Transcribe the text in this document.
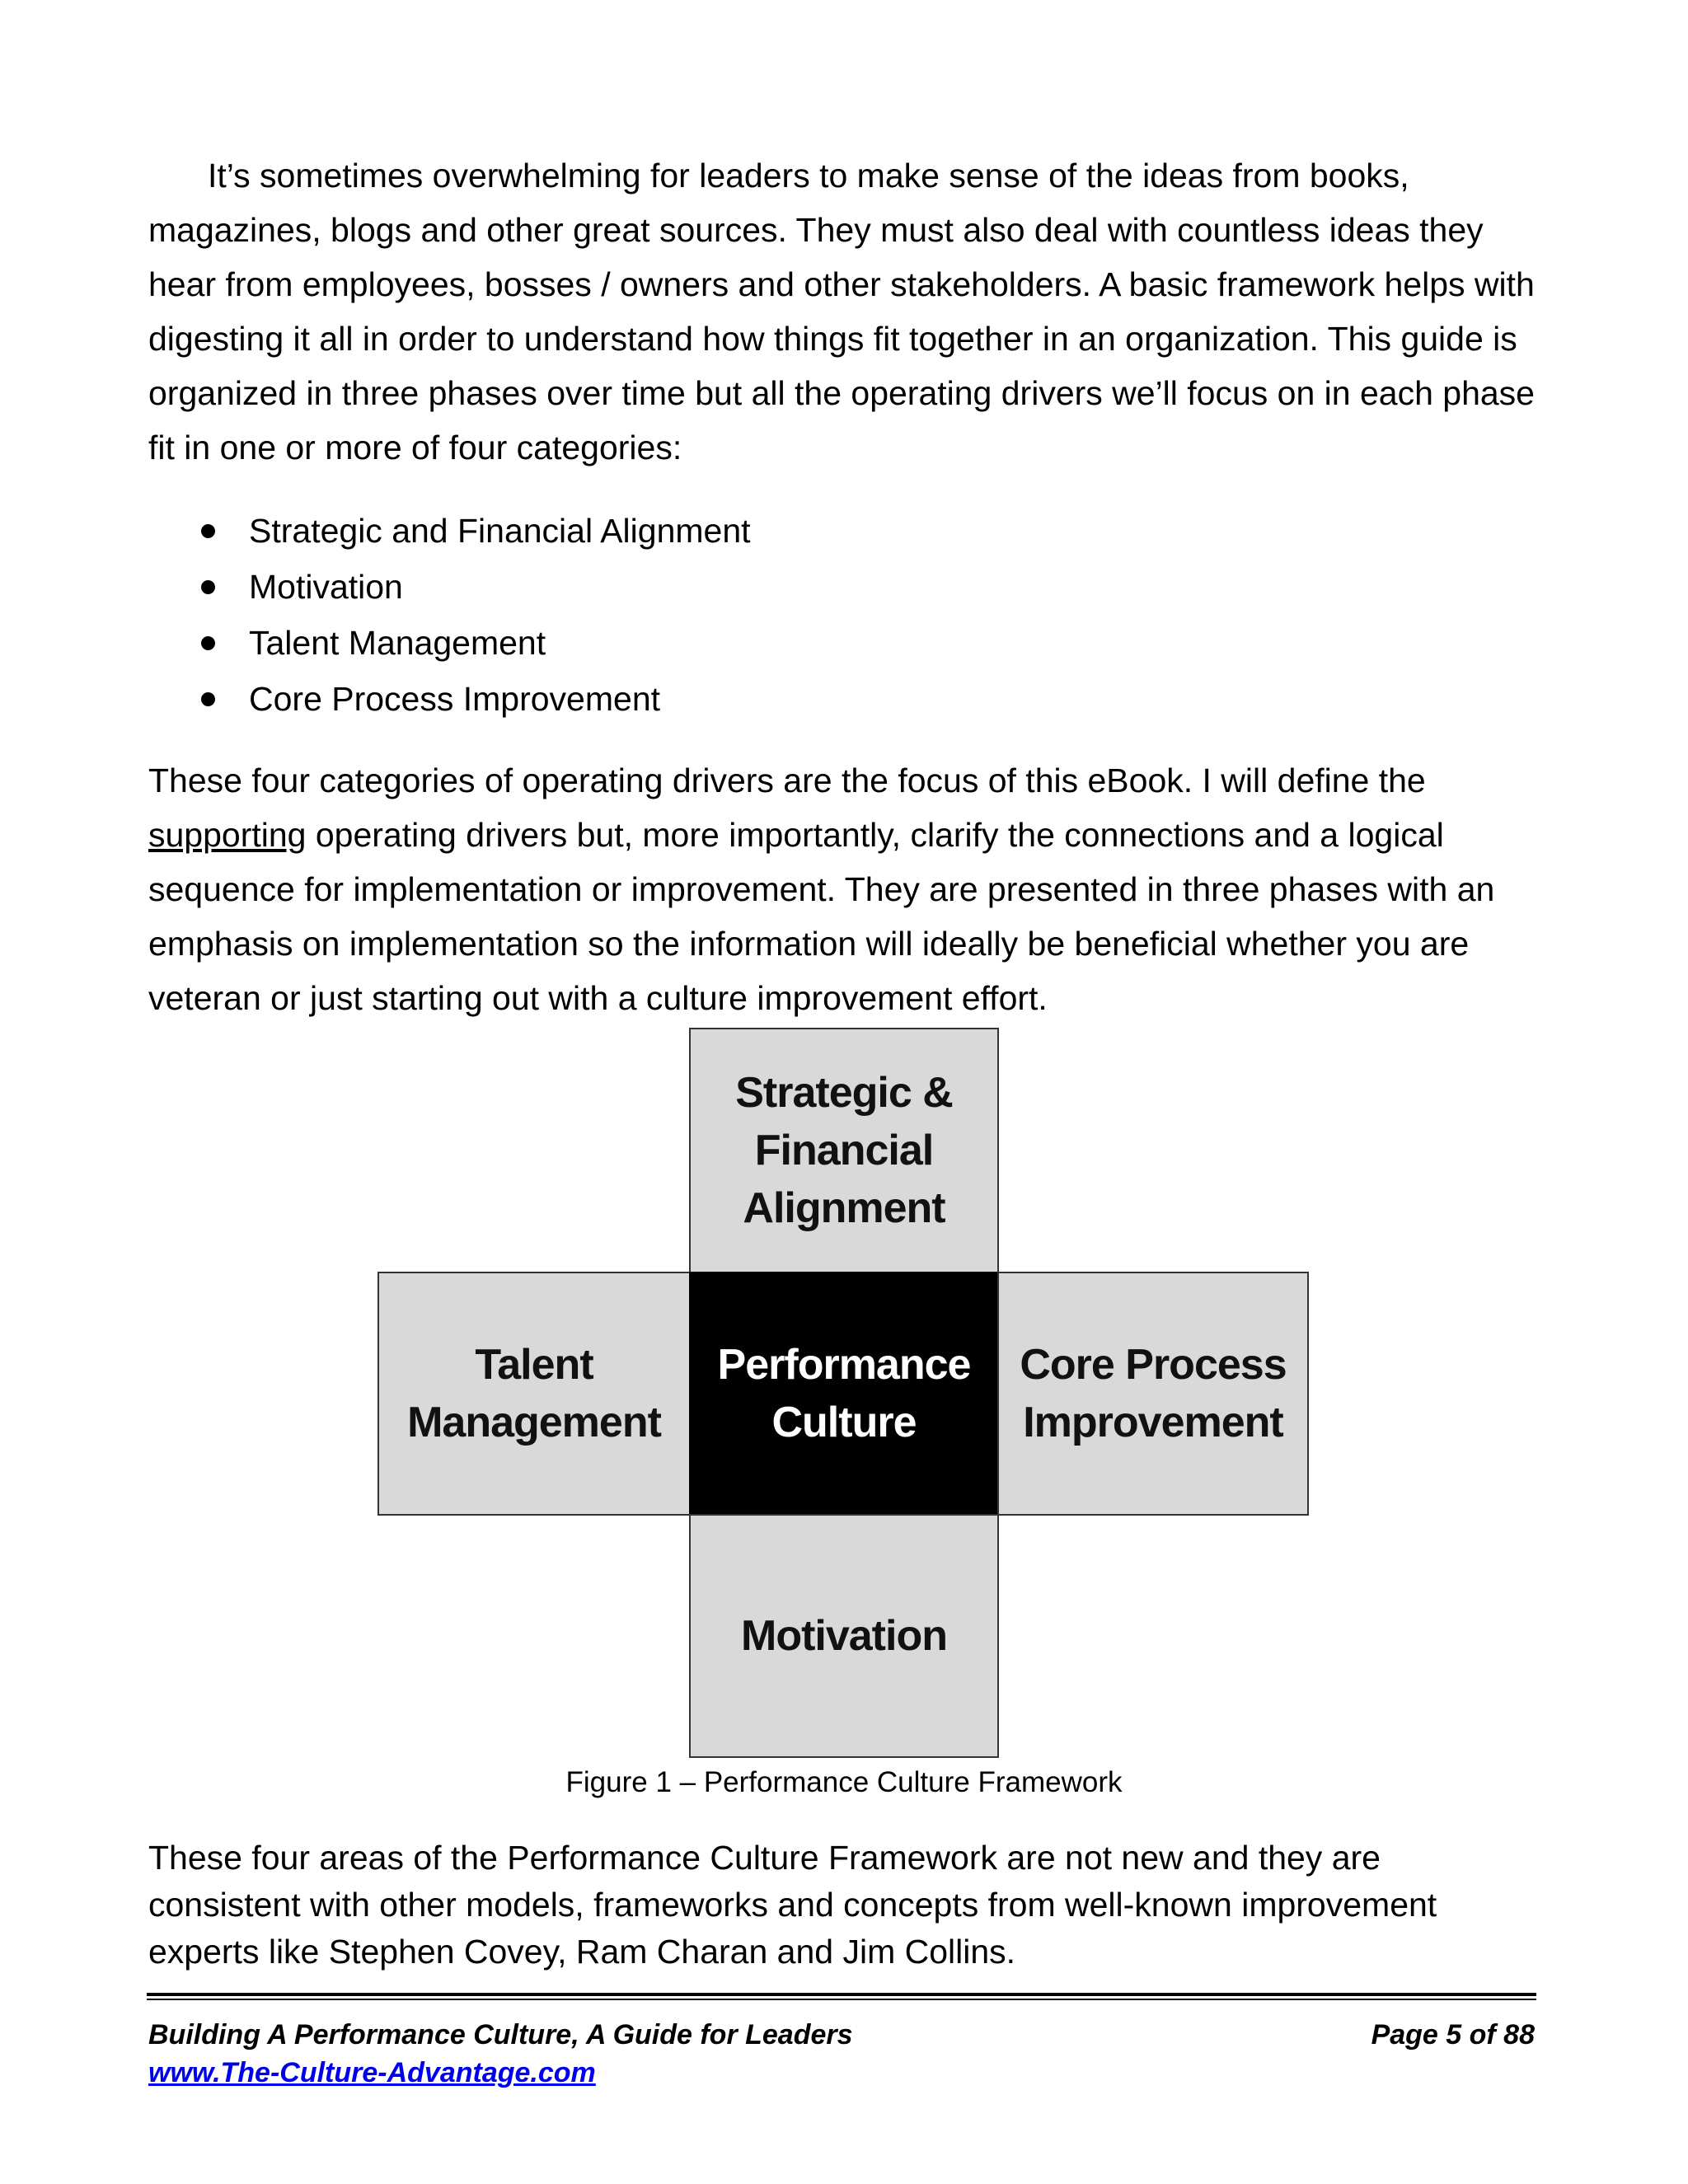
It’s sometimes overwhelming for leaders to make sense of the ideas from books, magazines, blogs and other great sources. They must also deal with countless ideas they hear from employees, bosses / owners and other stakeholders. A basic framework helps with digesting it all in order to understand how things fit together in an organization. This guide is organized in three phases over time but all the operating drivers we’ll focus on in each phase fit in one or more of four categories:

Strategic and Financial Alignment
Motivation
Talent Management
Core Process Improvement

These four categories of operating drivers are the focus of this eBook. I will define the supporting operating drivers but, more importantly, clarify the connections and a logical sequence for implementation or improvement. They are presented in three phases with an emphasis on implementation so the information will ideally be beneficial whether you are veteran or just starting out with a culture improvement effort.

Strategic &
Financial
Alignment
Talent
Management
Performance
Culture
Core Process
Improvement
Motivation

Figure 1 – Performance Culture Framework

These four areas of the Performance Culture Framework are not new and they are consistent with other models, frameworks and concepts from well-known improvement experts like Stephen Covey, Ram Charan and Jim Collins.

Building A Performance Culture, A Guide for Leaders
www.The-Culture-Advantage.com
Page 5 of 88
